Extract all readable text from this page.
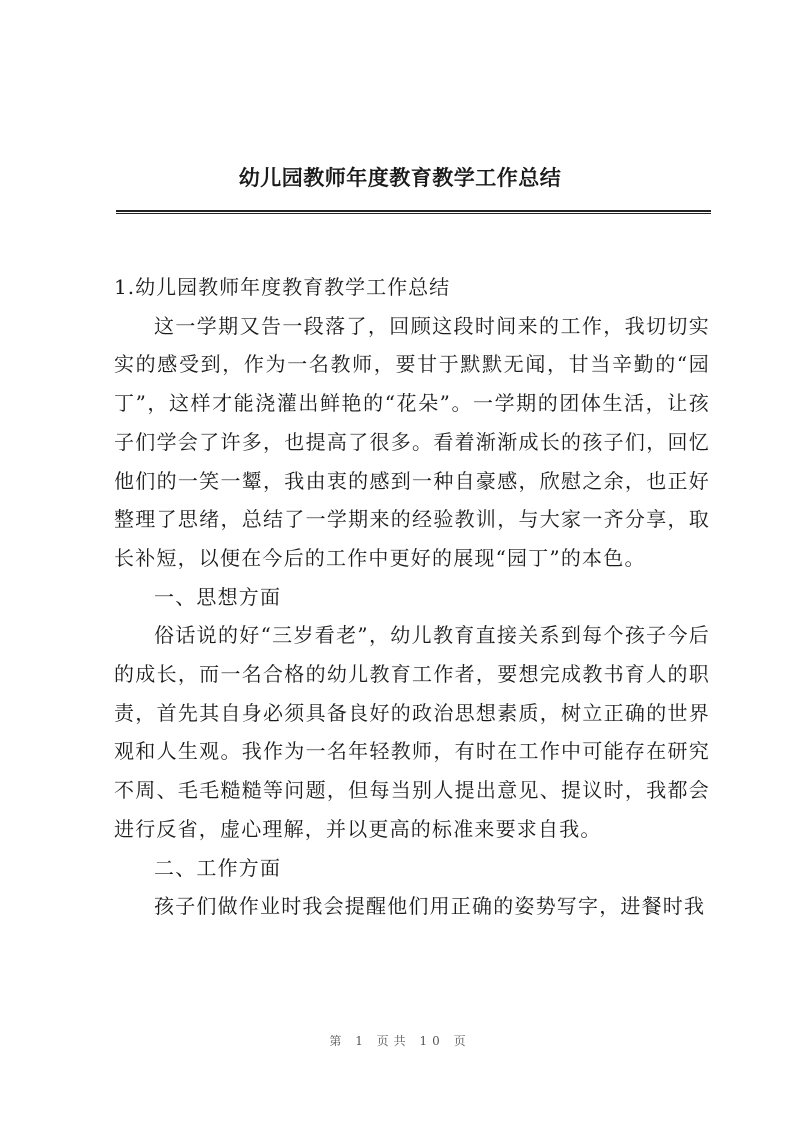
幼儿园教师年度教育教学工作总结

1.幼儿园教师年度教育教学工作总结

这一学期又告一段落了，回顾这段时间来的工作，我切切实实的感受到，作为一名教师，要甘于默默无闻，甘当辛勤的“园丁”，这样才能浇灌出鲜艳的“花朵”。一学期的团体生活，让孩子们学会了许多，也提高了很多。看着渐渐成长的孩子们，回忆他们的一笑一颦，我由衷的感到一种自豪感，欣慰之余，也正好整理了思绪，总结了一学期来的经验教训，与大家一齐分享，取长补短，以便在今后的工作中更好的展现“园丁”的本色。

一、思想方面

俗话说的好“三岁看老”，幼儿教育直接关系到每个孩子今后的成长，而一名合格的幼儿教育工作者，要想完成教书育人的职责，首先其自身必须具备良好的政治思想素质，树立正确的世界观和人生观。我作为一名年轻教师，有时在工作中可能存在研究不周、毛毛糙糙等问题，但每当别人提出意见、提议时，我都会进行反省，虚心理解，并以更高的标准来要求自我。

二、工作方面

孩子们做作业时我会提醒他们用正确的姿势写字，进餐时我

第 1 页共 10 页
